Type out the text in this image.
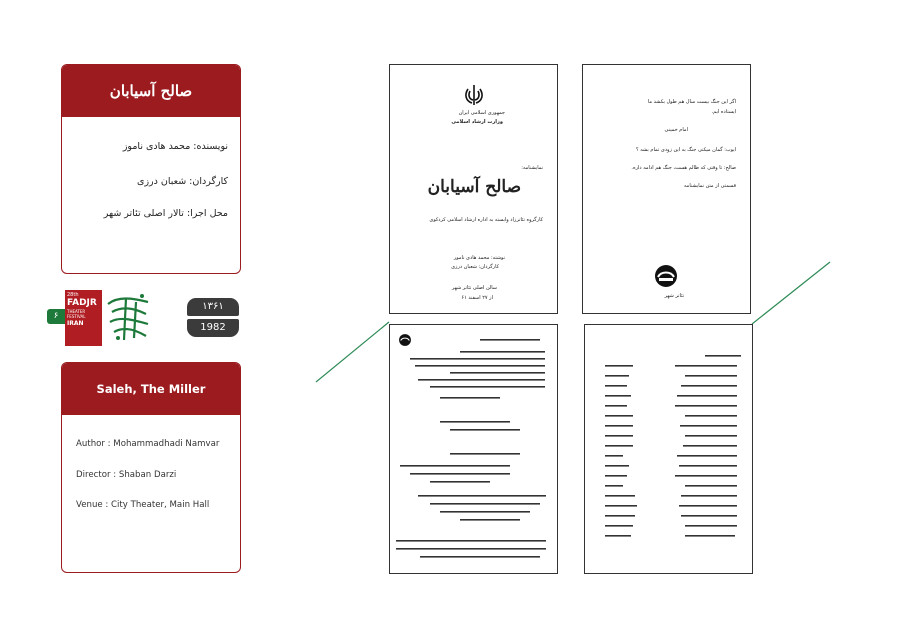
صالح آسیابان
نویسنده: محمد هادی ناموز
کارگردان: شعبان درزی
محل اجرا: تالار اصلی تئاتر شهر
۶
28th
FADJR
THEATER FESTIVAL
IRAN
۱۳۶۱
1982
Saleh, The Miller
Author : Mohammadhadi Namvar
Director : Shaban Darzi
Venue : City Theater, Main Hall
جمهوری اسلامی ایران
وزارت ارشاد اسلامی
نمایشنامه:
صالح آسیابان
کارگروه تئاترزاد وابسته به اداره ارشاد اسلامی کردکوی
نوشته: محمد هادی نامور
کارگردان: شعبان درزی
سالن اصلی تئاتر شهر
از ۲۷ اسفند ۶۱
اگر این جنگ بیست سال هم طول بکشد ما
ایستاده ایم.
امام خمینی
ایوب: گمان میکنی جنگ به این زودی تمام بشه ؟
صالح: تا وقتی که ظالم هست، جنگ هم ادامه داره.
قسمتی از متن نمایشنامه
تئاتر شهر
